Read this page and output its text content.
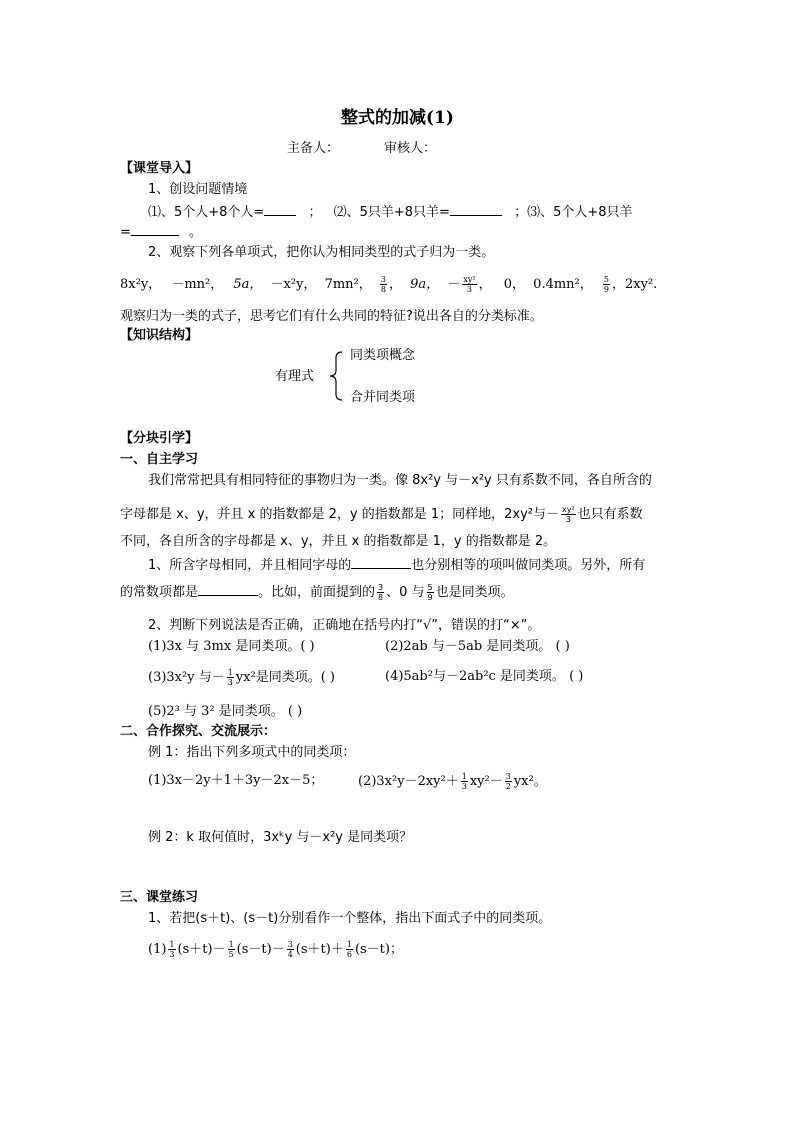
整式的加减(1)
主备人：	审核人：
【课堂导入】
1、创设问题情境
⑴、5个人+8个人=	； ⑵、5只羊+8只羊=	；⑶、5个人+8只羊
=	。
2、观察下列各单项式，把你认为相同类型的式子归为一类。
8x²y， －mn²， 5a， －x²y， 7mn²， $\frac{3}{8}$ ， 9a， － $\frac{\text{xy²}}{3}$ ， 0， 0.4mn²， $\frac{5}{9}$ ，2xy².
观察归为一类的式子，思考它们有什么共同的特征?说出各自的分类标准。
【知识结构】
有理式
同类项概念
合并同类项
【分块引学】
一、自主学习
我们常常把具有相同特征的事物归为一类。像 8x²y 与－x²y 只有系数不同，各自所含的
字母都是 x、y，并且 x 的指数都是 2，y 的指数都是 1；同样地，2xy²与－ $\frac{\text{xy²}}{3}$ 也只有系数
不同，各自所含的字母都是 x、y，并且 x 的指数都是 1，y 的指数都是 2。
1、所含字母相同，并且相同字母的	也分别相等的项叫做同类项。另外，所有
的常数项都是	。比如，前面提到的 $\frac{3}{8}$ 、0 与 $\frac{5}{9}$ 也是同类项。
2、判断下列说法是否正确，正确地在括号内打“√”，错误的打“×”。
(1)3x 与 3mx 是同类项。( )	(2)2ab 与－5ab 是同类项。 ( )
(3)3x²y 与－ $\frac{1}{3} yx^2$是同类项。( )	(4)5ab²与－2ab²c 是同类项。 ( )
(5)2³ 与 3² 是同类项。 ( )
二、合作探究、交流展示：
例 1：指出下列多项式中的同类项：
(1)3x－2y＋1＋3y－2x－5；	$(2)3x^2y-2xy^2+ \frac{1}{3} xy^2- \frac{3}{2} yx^2$。
例 2：k 取何值时，3xᵏy 与－x²y 是同类项？
三、课堂练习
1、若把(s＋t)、(s－t)分别看作一个整体，指出下面式子中的同类项。
$(1) \frac{1}{3} (s+t)- \frac{1}{5} (s-t)- \frac{3}{4} (s+t)+ \frac{1}{6} (s-t)$；
